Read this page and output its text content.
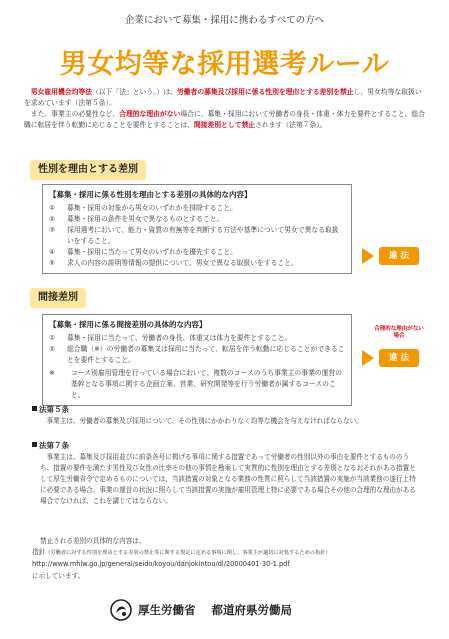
企業において募集・採用に携わるすべての方へ
男女均等な採用選考ルール

男女雇用機会均等法（以下「法」という。）は、労働者の募集及び採用に係る性別を理由とする差別を禁止し、男女均等な取扱いを求めています（法第５条）。

また、事業主の必要性など、合理的な理由がない場合に、募集・採用において労働者の身長・体重・体力を要件とすること、総合職に転居を伴う転勤に応じることを要件とすることは、間接差別として禁止されます（法第７条）。

性別を理由とする差別
【募集・採用に係る性別を理由とする差別の具体的な内容】
①	募集・採用の対象から男女のいずれかを排除すること。
②	募集・採用の条件を男女で異なるものとすること。
③	採用選考において、能力・資質の有無等を判断する方法や基準について男女で異なる取扱いをすること。
④	募集・採用に当たって男女のいずれかを優先すること。
⑤	求人の内容の説明等情報の提供について、男女で異なる取扱いをすること。
違 法
間接差別
【募集・採用に係る間接差別の具体的な内容】
①	募集・採用に当たって、労働者の身長、体重又は体力を要件とすること。
②	総合職（※）の労働者の募集又は採用に当たって、転居を伴う転勤に応じることができることを要件とすること。
※	コース別雇用管理を行っている場合において、複数のコースのうち事業主の事業の運営の基幹となる事項に関する企画立案、営業、研究開発等を行う労働者が属するコースのこと。
合理的な理由がない場合
違 法
法第５条
事業主は、労働者の募集及び採用について、その性別にかかわりなく均等な機会を与えなければならない。
法第７条
事業主は、募集及び採用並びに前条各号に掲げる事項に関する措置であって労働者の性別以外の事由を要件とするもののうち、措置の要件を満たす男性及び女性の比率その他の事情を勘案して実質的に性別を理由とする差別となるおそれがある措置として厚生労働省令で定めるものについては、当該措置の対象となる業務の性質に照らして当該措置の実施が当該業務の遂行上特に必要である場合、事業の運営の状況に照らして当該措置の実施が雇用管理上特に必要である場合その他の合理的な理由がある場合でなければ、これを講じてはならない。
禁止される差別の具体的な内容は、
指針（労働者に対する性別を理由とする差別の禁止等に関する規定に定める事項に関し、事業主が適切に対処するための指針）
http://www.mhlw.go.jp/general/seido/koyou/danjokintou/dl/20000401-30-1.pdf
に示しています。
厚生労働省 都道府県労働局
